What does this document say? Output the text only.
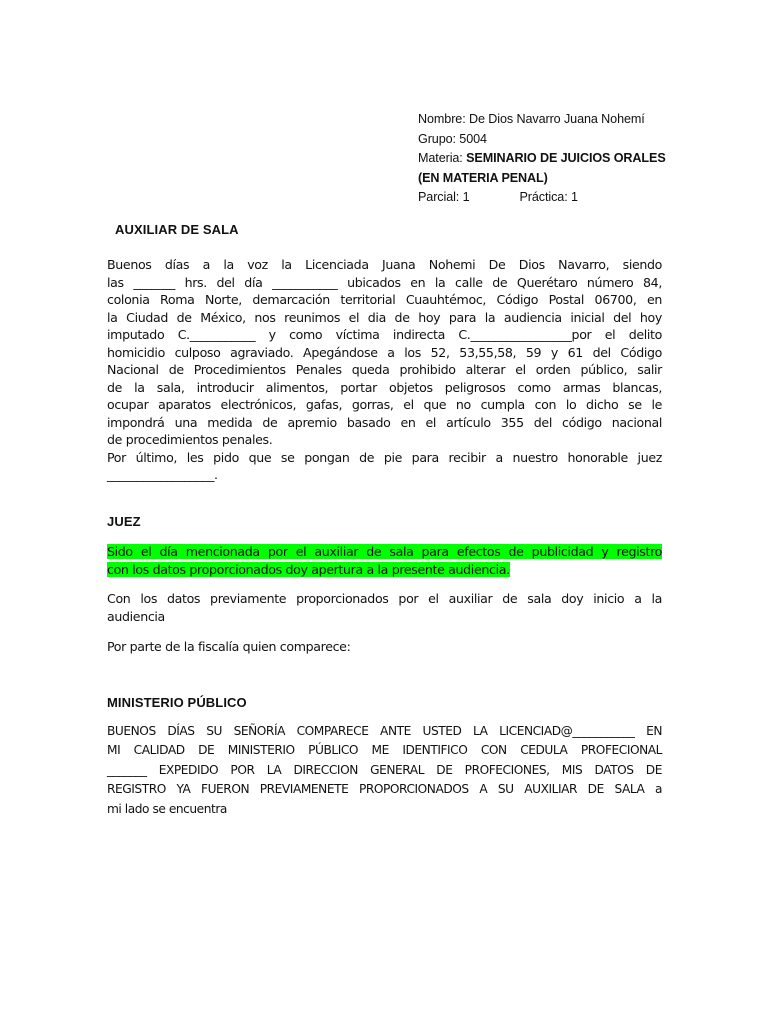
Nombre: De Dios Navarro Juana Nohemí
Grupo: 5004
Materia: SEMINARIO DE JUICIOS ORALES
(EN MATERIA PENAL)
Parcial: 1	Práctica: 1
AUXILIAR DE SALA
Buenos días a la voz la Licenciada Juana Nohemi De Dios Navarro, siendo
las _______ hrs. del día ___________ ubicados en la calle de Querétaro número 84,
colonia Roma Norte, demarcación territorial Cuauhtémoc, Código Postal 06700, en
la Ciudad de México, nos reunimos el dia de hoy para la audiencia inicial del hoy
imputado C.___________ y como víctima indirecta C._________________por el delito
homicidio culposo agraviado. Apegándose a los 52, 53,55,58, 59 y 61 del Código
Nacional de Procedimientos Penales queda prohibido alterar el orden público, salir
de la sala, introducir alimentos, portar objetos peligrosos como armas blancas,
ocupar aparatos electrónicos, gafas, gorras, el que no cumpla con lo dicho se le
impondrá una medida de apremio basado en el artículo 355 del código nacional
de procedimientos penales.
Por último, les pido que se pongan de pie para recibir a nuestro honorable juez
__________________.
JUEZ
Sido el día mencionada por el auxiliar de sala para efectos de publicidad y registro
con los datos proporcionados doy apertura a la presente audiencia.
Con los datos previamente proporcionados por el auxiliar de sala doy inicio a la
audiencia
Por parte de la fiscalía quien comparece:
MINISTERIO PÚBLICO
BUENOS DÍAS SU SEÑORÍA COMPARECE ANTE USTED LA LICENCIAD@___________ EN
MI CALIDAD DE MINISTERIO PÚBLICO ME IDENTIFICO CON CEDULA PROFECIONAL
_______ EXPEDIDO POR LA DIRECCION GENERAL DE PROFECIONES, MIS DATOS DE
REGISTRO YA FUERON PREVIAMENETE PROPORCIONADOS A SU AUXILIAR DE SALA a
mi lado se encuentra
